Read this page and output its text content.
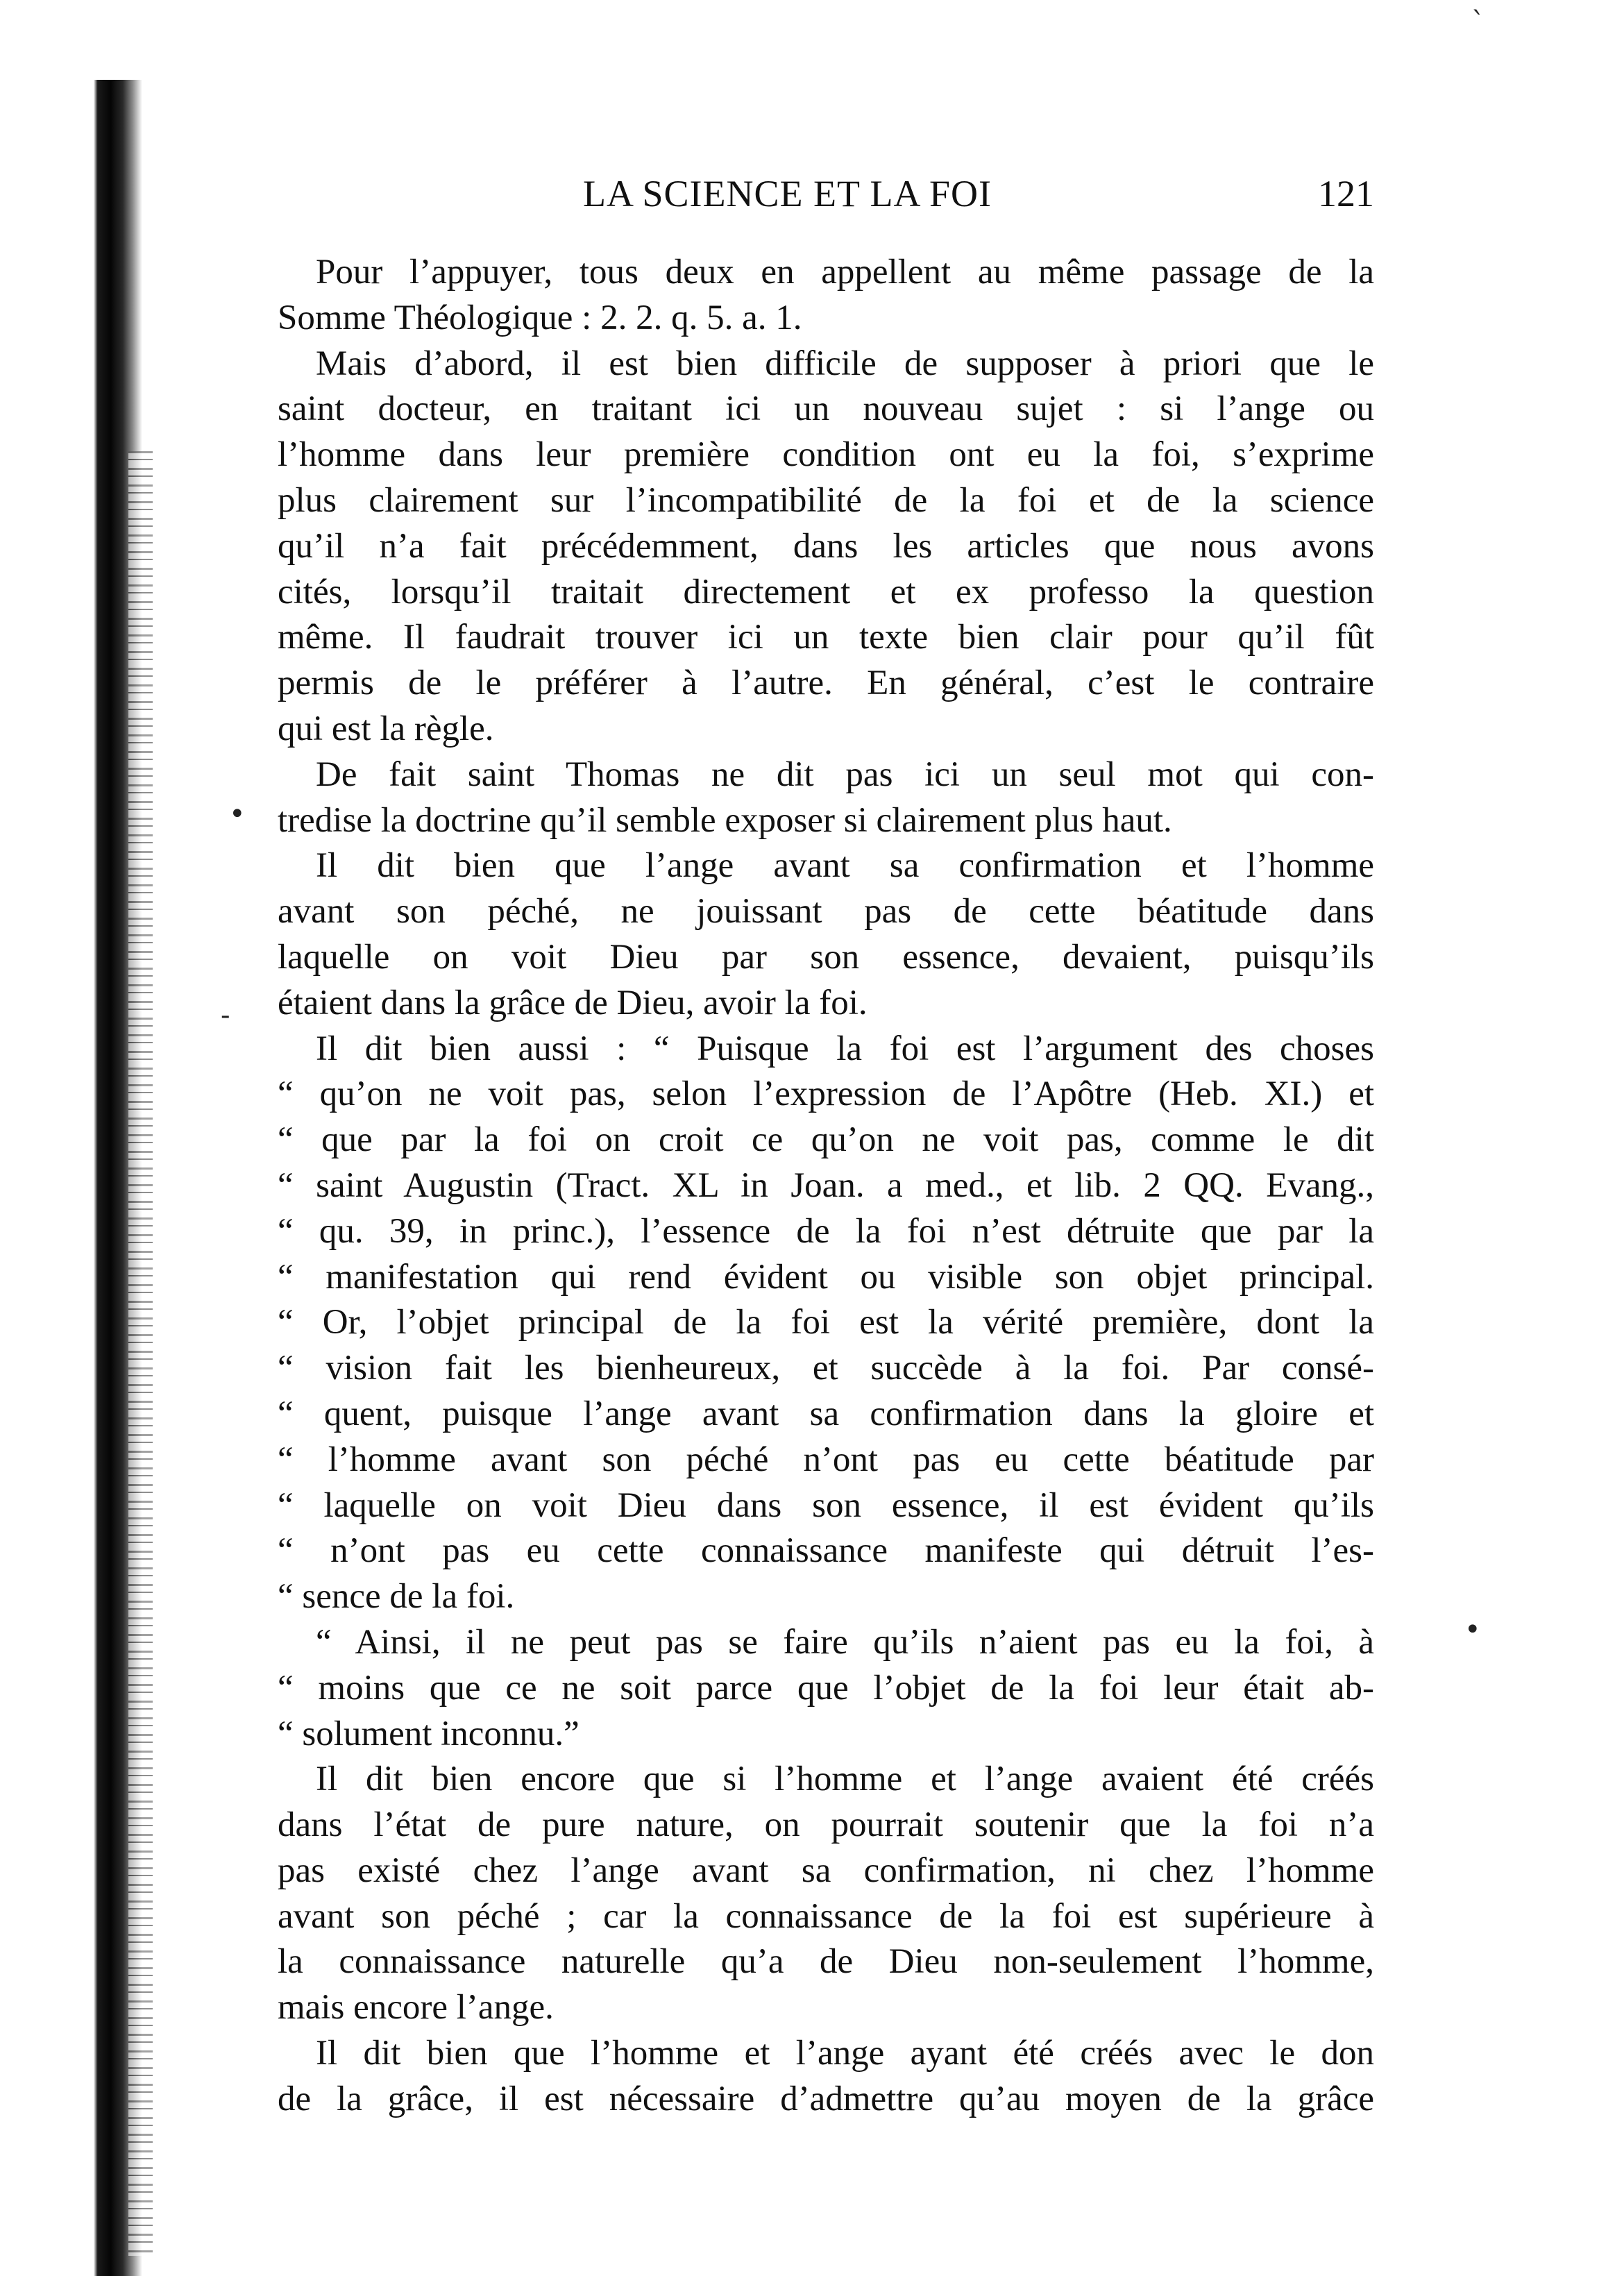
ˋ
•
-
•
LA SCIENCE ET LA FOI	121
Pour l’appuyer, tous deux en appellent au même passage de la
Somme Théologique : 2. 2. q. 5. a. 1.
Mais d’abord, il est bien difficile de supposer à priori que le
saint docteur, en traitant ici un nouveau sujet : si l’ange ou
l’homme dans leur première condition ont eu la foi, s’exprime
plus clairement sur l’incompatibilité de la foi et de la science
qu’il n’a fait précédemment, dans les articles que nous avons
cités, lorsqu’il traitait directement et ex professo la question
même. Il faudrait trouver ici un texte bien clair pour qu’il fût
permis de le préférer à l’autre. En général, c’est le contraire
qui est la règle.
De fait saint Thomas ne dit pas ici un seul mot qui con-
tredise la doctrine qu’il semble exposer si clairement plus haut.
Il dit bien que l’ange avant sa confirmation et l’homme
avant son péché, ne jouissant pas de cette béatitude dans
laquelle on voit Dieu par son essence, devaient, puisqu’ils
étaient dans la grâce de Dieu, avoir la foi.
Il dit bien aussi : “ Puisque la foi est l’argument des choses
“ qu’on ne voit pas, selon l’expression de l’Apôtre (Heb. XI.) et
“ que par la foi on croit ce qu’on ne voit pas, comme le dit
“ saint Augustin (Tract. XL in Joan. a med., et lib. 2 QQ. Evang.,
“ qu. 39, in princ.), l’essence de la foi n’est détruite que par la
“ manifestation qui rend évident ou visible son objet principal.
“ Or, l’objet principal de la foi est la vérité première, dont la
“ vision fait les bienheureux, et succède à la foi. Par consé-
“ quent, puisque l’ange avant sa confirmation dans la gloire et
“ l’homme avant son péché n’ont pas eu cette béatitude par
“ laquelle on voit Dieu dans son essence, il est évident qu’ils
“ n’ont pas eu cette connaissance manifeste qui détruit l’es-
“ sence de la foi.
“ Ainsi, il ne peut pas se faire qu’ils n’aient pas eu la foi, à
“ moins que ce ne soit parce que l’objet de la foi leur était ab-
“ solument inconnu.”
Il dit bien encore que si l’homme et l’ange avaient été créés
dans l’état de pure nature, on pourrait soutenir que la foi n’a
pas existé chez l’ange avant sa confirmation, ni chez l’homme
avant son péché ; car la connaissance de la foi est supérieure à
la connaissance naturelle qu’a de Dieu non-seulement l’homme,
mais encore l’ange.
Il dit bien que l’homme et l’ange ayant été créés avec le don
de la grâce, il est nécessaire d’admettre qu’au moyen de la grâce
